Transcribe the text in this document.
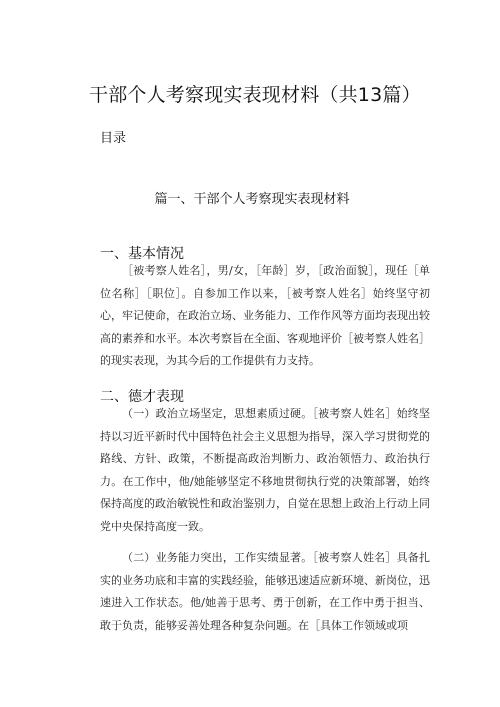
干部个人考察现实表现材料（共13篇）
目录
篇一、干部个人考察现实表现材料
一、基本情况

［被考察人姓名］，男/女，［年龄］岁，［政治面貌］，现任［单位名称］［职位］。自参加工作以来，［被考察人姓名］始终坚守初心，牢记使命，在政治立场、业务能力、工作作风等方面均表现出较高的素养和水平。本次考察旨在全面、客观地评价［被考察人姓名］的现实表现，为其今后的工作提供有力支持。

二、德才表现

（一）政治立场坚定，思想素质过硬。［被考察人姓名］始终坚持以习近平新时代中国特色社会主义思想为指导，深入学习贯彻党的路线、方针、政策，不断提高政治判断力、政治领悟力、政治执行力。在工作中，他/她能够坚定不移地贯彻执行党的决策部署，始终保持高度的政治敏锐性和政治鉴别力，自觉在思想上政治上行动上同党中央保持高度一致。

（二）业务能力突出，工作实绩显著。［被考察人姓名］具备扎实的业务功底和丰富的实践经验，能够迅速适应新环境、新岗位，迅速进入工作状态。他/她善于思考、勇于创新，在工作中勇于担当、敢于负责，能够妥善处理各种复杂问题。在［具体工作领域或项
